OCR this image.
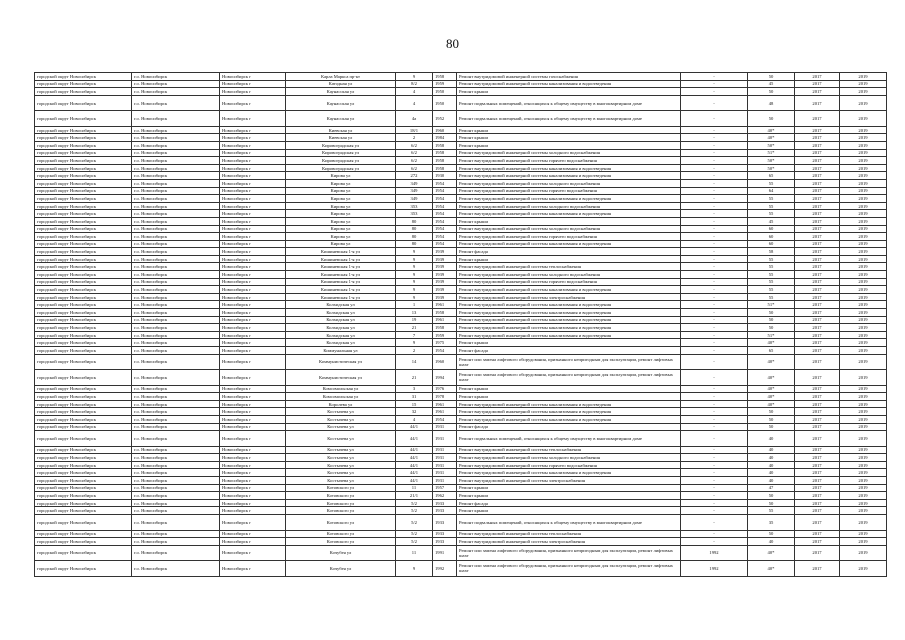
80
городской округ Новосибирск	г.о. Новосибирск	Новосибирск г	Карла Маркса пр-кт	9	1958	Ремонт внутридомовой инженерной системы газоснабжения	-	50	2017	2019
городской округ Новосибирск	г.о. Новосибирск	Новосибирск г	Катодная ул	8/2	1959	Ремонт внутридомовой инженерной системы канализования и водоотведения	-	45	2017	2019
городской округ Новосибирск	г.о. Новосибирск	Новосибирск г	Каунасская ул	4	1950	Ремонт крыши	-	50	2017	2019
городской округ Новосибирск	г.о. Новосибирск	Новосибирск г	Каунасская ул	4	1950	Ремонт подвальных помещений, относящихся к общему имуществу в многоквартирном доме	-	48	2017	2019
городской округ Новосибирск	г.о. Новосибирск	Новосибирск г	Каунасская ул	4а	1952	Ремонт подвальных помещений, относящихся к общему имуществу в многоквартирном доме	-	50	2017	2019
городской округ Новосибирск	г.о. Новосибирск	Новосибирск г	Киевская ул	18/1	1960	Ремонт крыши	-	40*	2017	2019
городской округ Новосибирск	г.о. Новосибирск	Новосибирск г	Киевская ул	2	1984	Ремонт крыши	-	40*	2017	2019
городской округ Новосибирск	г.о. Новосибирск	Новосибирск г	Кировоградская ул	6/2	1958	Ремонт крыши	-	50*	2017	2019
городской округ Новосибирск	г.о. Новосибирск	Новосибирск г	Кировоградская ул	6/2	1958	Ремонт внутридомовой инженерной системы холодного водоснабжения	-	51*	2017	2019
городской округ Новосибирск	г.о. Новосибирск	Новосибирск г	Кировоградская ул	6/2	1958	Ремонт внутридомовой инженерной системы горячего водоснабжения	-	50*	2017	2019
городской округ Новосибирск	г.о. Новосибирск	Новосибирск г	Кировоградская ул	6/2	1958	Ремонт внутридомовой инженерной системы канализования и водоотведения	-	50*	2017	2019
городской округ Новосибирск	г.о. Новосибирск	Новосибирск г	Кирова ул	272	1930	Ремонт внутридомовой инженерной системы канализования и водоотведения	-	65	2017	2019
городской округ Новосибирск	г.о. Новосибирск	Новосибирск г	Кирова ул	349	1954	Ремонт внутридомовой инженерной системы холодного водоснабжения	-	55	2017	2019
городской округ Новосибирск	г.о. Новосибирск	Новосибирск г	Кирова ул	349	1954	Ремонт внутридомовой инженерной системы горячего водоснабжения	-	64	2017	2019
городской округ Новосибирск	г.о. Новосибирск	Новосибирск г	Кирова ул	349	1954	Ремонт внутридомовой инженерной системы канализования и водоотведения	-	55	2017	2019
городской округ Новосибирск	г.о. Новосибирск	Новосибирск г	Кирова ул	353	1954	Ремонт внутридомовой инженерной системы холодного водоснабжения	-	55	2017	2019
городской округ Новосибирск	г.о. Новосибирск	Новосибирск г	Кирова ул	353	1954	Ремонт внутридомовой инженерной системы канализования и водоотведения	-	55	2017	2019
городской округ Новосибирск	г.о. Новосибирск	Новосибирск г	Кирова ул	80	1954	Ремонт крыши	-	45	2017	2019
городской округ Новосибирск	г.о. Новосибирск	Новосибирск г	Кирова ул	80	1954	Ремонт внутридомовой инженерной системы холодного водоснабжения	-	60	2017	2019
городской округ Новосибирск	г.о. Новосибирск	Новосибирск г	Кирова ул	80	1954	Ремонт внутридомовой инженерной системы горячего водоснабжения	-	60	2017	2019
городской округ Новосибирск	г.о. Новосибирск	Новосибирск г	Кирова ул	80	1954	Ремонт внутридомовой инженерной системы канализования и водоотведения	-	60	2017	2019
городской округ Новосибирск	г.о. Новосибирск	Новосибирск г	Кишиневская 1-я ул	9	1939	Ремонт фасада	-	58	2017	2019
городской округ Новосибирск	г.о. Новосибирск	Новосибирск г	Кишиневская 1-я ул	9	1939	Ремонт крыши	-	55	2017	2019
городской округ Новосибирск	г.о. Новосибирск	Новосибирск г	Кишиневская 1-я ул	9	1939	Ремонт внутридомовой инженерной системы теплоснабжения	-	55	2017	2019
городской округ Новосибирск	г.о. Новосибирск	Новосибирск г	Кишиневская 1-я ул	9	1939	Ремонт внутридомовой инженерной системы холодного водоснабжения	-	55	2017	2019
городской округ Новосибирск	г.о. Новосибирск	Новосибирск г	Кишиневская 1-я ул	9	1939	Ремонт внутридомовой инженерной системы горячего водоснабжения	-	55	2017	2019
городской округ Новосибирск	г.о. Новосибирск	Новосибирск г	Кишиневская 1-я ул	9	1939	Ремонт внутридомовой инженерной системы канализования и водоотведения	-	55	2017	2019
городской округ Новосибирск	г.о. Новосибирск	Новосибирск г	Кишиневская 1-я ул	9	1939	Ремонт внутридомовой инженерной системы электроснабжения	-	55	2017	2019
городской округ Новосибирск	г.о. Новосибирск	Новосибирск г	Колхидская ул	1	1961	Ремонт внутридомовой инженерной системы канализования и водоотведения	-	51*	2017	2019
городской округ Новосибирск	г.о. Новосибирск	Новосибирск г	Колхидская ул	13	1958	Ремонт внутридомовой инженерной системы канализования и водоотведения	-	50	2017	2019
городской округ Новосибирск	г.о. Новосибирск	Новосибирск г	Колхидская ул	19	1961	Ремонт внутридомовой инженерной системы канализования и водоотведения	-	50	2017	2019
городской округ Новосибирск	г.о. Новосибирск	Новосибирск г	Колхидская ул	21	1958	Ремонт внутридомовой инженерной системы канализования и водоотведения	-	50	2017	2019
городской округ Новосибирск	г.о. Новосибирск	Новосибирск г	Колхидская ул	7	1959	Ремонт внутридомовой инженерной системы канализования и водоотведения	-	51*	2017	2019
городской округ Новосибирск	г.о. Новосибирск	Новосибирск г	Колхидская ул	9	1975	Ремонт крыши	-	40*	2017	2019
городской округ Новосибирск	г.о. Новосибирск	Новосибирск г	Коммунальная ул	2	1954	Ремонт фасада	-	65	2017	2019
городской округ Новосибирск	г.о. Новосибирск	Новосибирск г	Коммунистическая ул	14	1960	Ремонт или замена лифтового оборудования, признанного непригодным для эксплуатации, ремонт лифтовых шахт	-	40*	2017	2019
городской округ Новосибирск	г.о. Новосибирск	Новосибирск г	Коммунистическая ул	21	1994	Ремонт или замена лифтового оборудования, признанного непригодным для эксплуатации, ремонт лифтовых шахт	-	40*	2017	2019
городской округ Новосибирск	г.о. Новосибирск	Новосибирск г	Комсомольская ул	3	1976	Ремонт крыши	-	40*	2017	2019
городской округ Новосибирск	г.о. Новосибирск	Новосибирск г	Комсомольская ул	31	1978	Ремонт крыши	-	40*	2017	2019
городской округ Новосибирск	г.о. Новосибирск	Новосибирск г	Королева ул	15	1961	Ремонт внутридомовой инженерной системы канализования и водоотведения	-	40*	2017	2019
городской округ Новосибирск	г.о. Новосибирск	Новосибирск г	Костычева ул	32	1961	Ремонт внутридомовой инженерной системы канализования и водоотведения	-	50	2017	2019
городской округ Новосибирск	г.о. Новосибирск	Новосибирск г	Костычева ул	4	1954	Ремонт внутридомовой инженерной системы канализования и водоотведения	-	50	2017	2019
городской округ Новосибирск	г.о. Новосибирск	Новосибирск г	Костычева ул	44/1	1931	Ремонт фасада	-	50	2017	2019
городской округ Новосибирск	г.о. Новосибирск	Новосибирск г	Костычева ул	44/1	1931	Ремонт подвальных помещений, относящихся к общему имуществу в многоквартирном доме	-	40	2017	2019
городской округ Новосибирск	г.о. Новосибирск	Новосибирск г	Костычева ул	44/1	1931	Ремонт внутридомовой инженерной системы теплоснабжения	-	40	2017	2019
городской округ Новосибирск	г.о. Новосибирск	Новосибирск г	Костычева ул	44/1	1931	Ремонт внутридомовой инженерной системы холодного водоснабжения	-	40	2017	2019
городской округ Новосибирск	г.о. Новосибирск	Новосибирск г	Костычева ул	44/1	1931	Ремонт внутридомовой инженерной системы горячего водоснабжения	-	40	2017	2019
городской округ Новосибирск	г.о. Новосибирск	Новосибирск г	Костычева ул	44/1	1931	Ремонт внутридомовой инженерной системы канализования и водоотведения	-	40	2017	2019
городской округ Новосибирск	г.о. Новосибирск	Новосибирск г	Костычева ул	44/1	1931	Ремонт внутридомовой инженерной системы электроснабжения	-	40	2017	2019
городской округ Новосибирск	г.о. Новосибирск	Новосибирск г	Котовского ул	11	1957	Ремонт крыши	-	47	2017	2019
городской округ Новосибирск	г.о. Новосибирск	Новосибирск г	Котовского ул	21/1	1962	Ремонт крыши	-	50	2017	2019
городской округ Новосибирск	г.о. Новосибирск	Новосибирск г	Котовского ул	5/2	1933	Ремонт фасада	-	50	2017	2019
городской округ Новосибирск	г.о. Новосибирск	Новосибирск г	Котовского ул	5/2	1933	Ремонт крыши	-	55	2017	2019
городской округ Новосибирск	г.о. Новосибирск	Новосибирск г	Котовского ул	5/2	1933	Ремонт подвальных помещений, относящихся к общему имуществу в многоквартирном доме	-	35	2017	2019
городской округ Новосибирск	г.о. Новосибирск	Новосибирск г	Котовского ул	5/2	1933	Ремонт внутридомовой инженерной системы теплоснабжения	-	50	2017	2019
городской округ Новосибирск	г.о. Новосибирск	Новосибирск г	Котовского ул	5/2	1933	Ремонт внутридомовой инженерной системы электроснабжения	-	40	2017	2019
городской округ Новосибирск	г.о. Новосибирск	Новосибирск г	Кочубея ул	11	1991	Ремонт или замена лифтового оборудования, признанного непригодным для эксплуатации, ремонт лифтовых шахт	1992	40*	2017	2019
городской округ Новосибирск	г.о. Новосибирск	Новосибирск г	Кочубея ул	9	1992	Ремонт или замена лифтового оборудования, признанного непригодным для эксплуатации, ремонт лифтовых шахт	1992	40*	2017	2019
